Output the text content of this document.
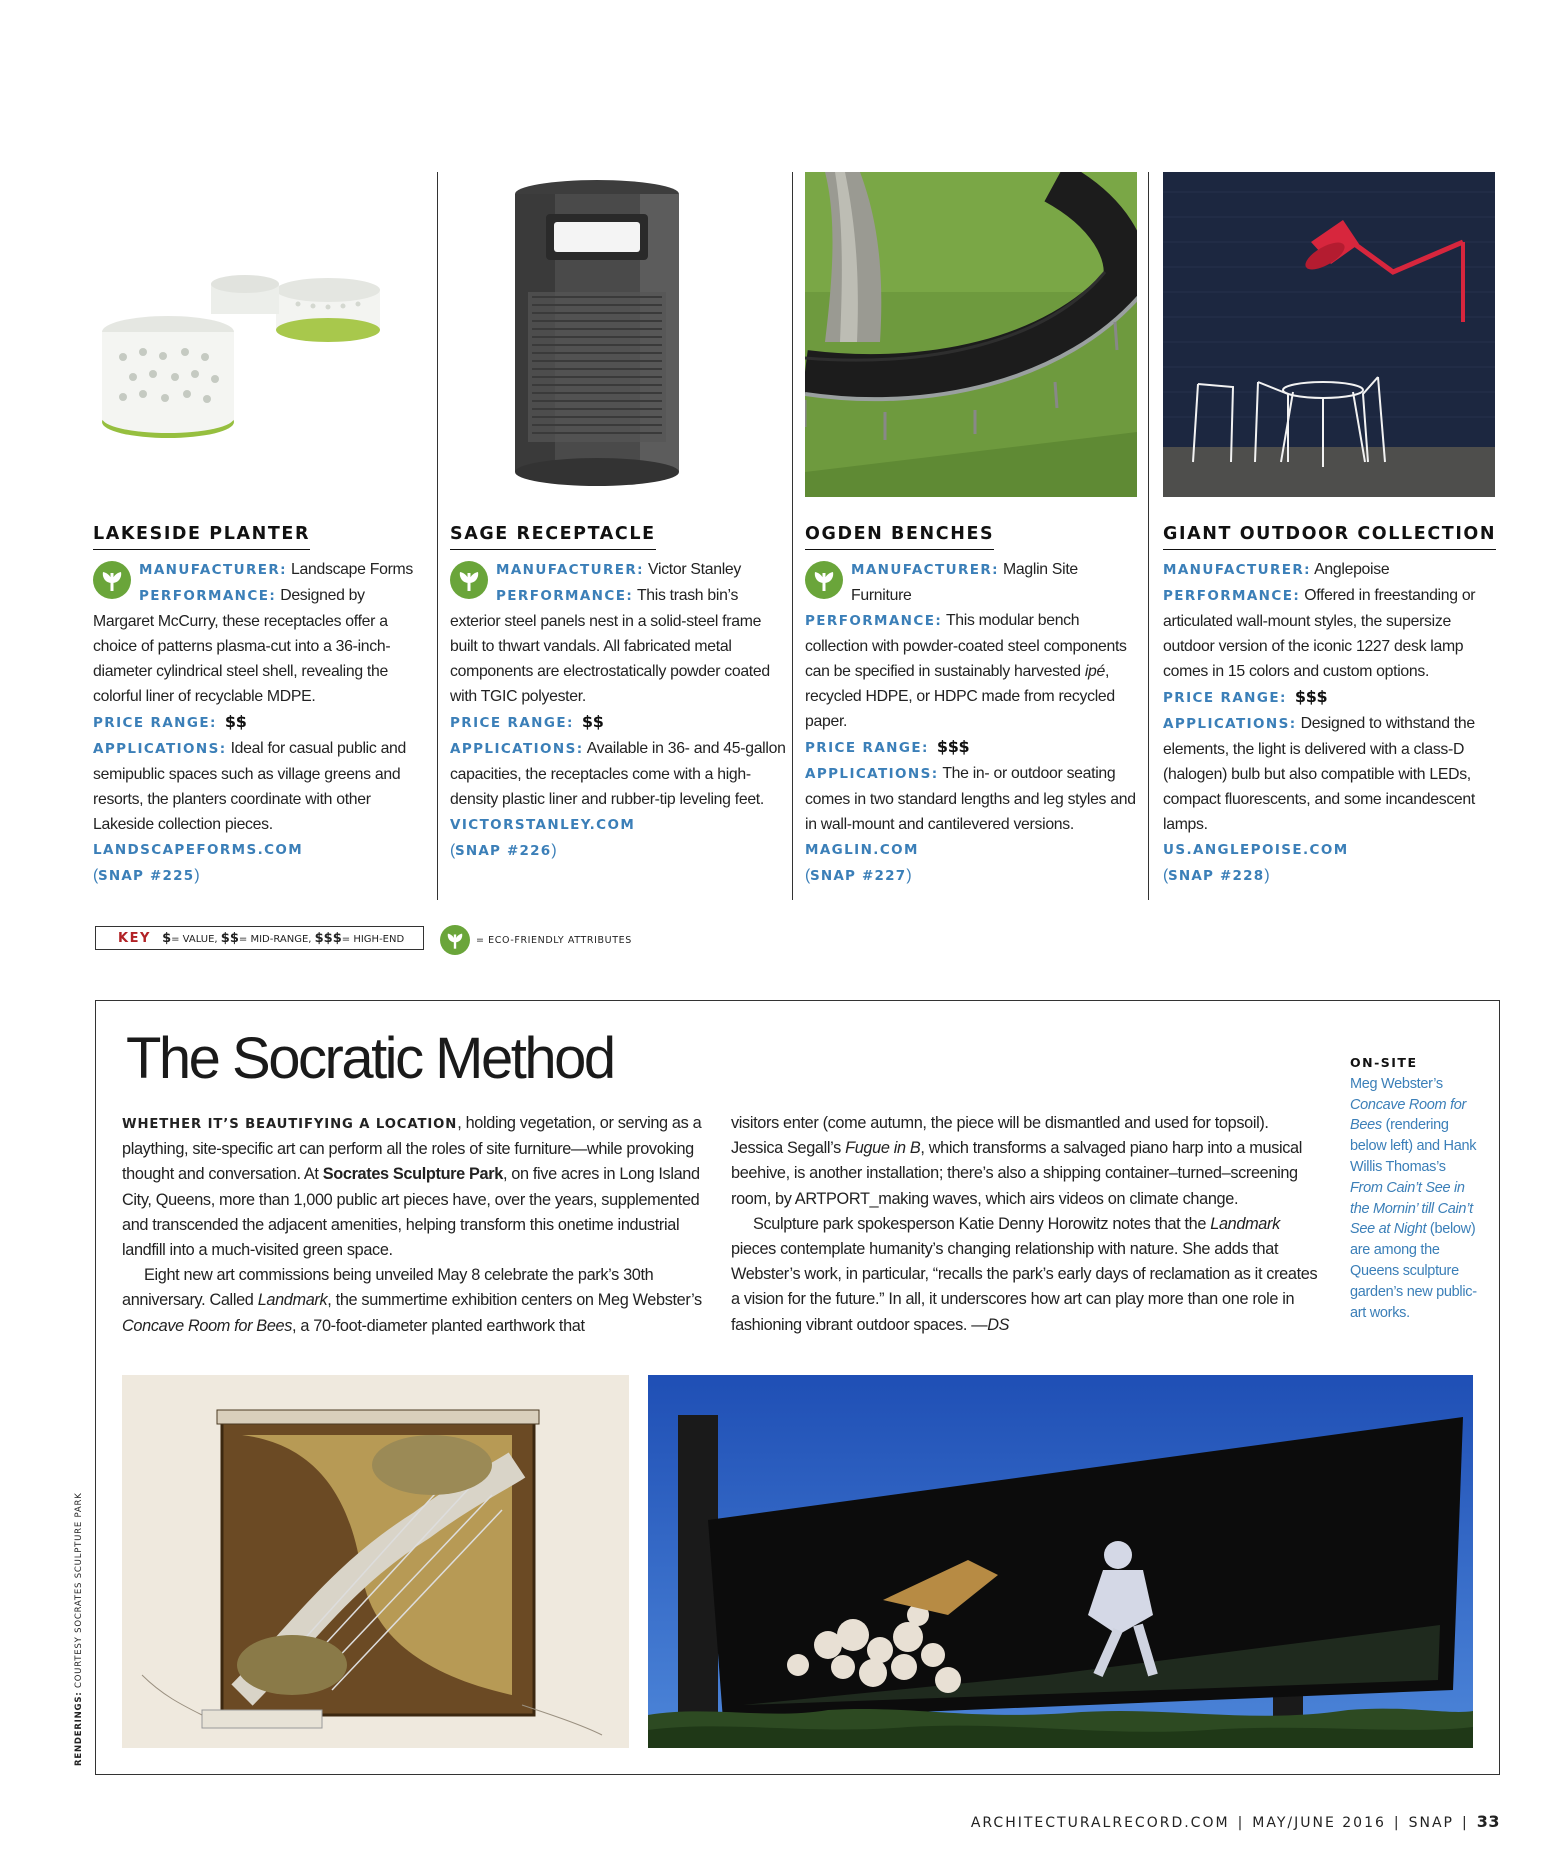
LAKESIDE PLANTER
MANUFACTURER: Landscape Forms
PERFORMANCE: Designed by Margaret McCurry, these receptacles offer a choice of patterns plasma-cut into a 36-inch-diameter cylindrical steel shell, revealing the colorful liner of recyclable MDPE.
PRICE RANGE: $$
APPLICATIONS: Ideal for casual public and semipublic spaces such as village greens and resorts, the planters coordinate with other Lakeside collection pieces.
LANDSCAPEFORMS.COM
(SNAP #225)
SAGE RECEPTACLE
MANUFACTURER: Victor Stanley
PERFORMANCE: This trash bin’s exterior steel panels nest in a solid-steel frame built to thwart vandals. All fabricated metal components are electrostatically powder coated with TGIC polyester.
PRICE RANGE: $$
APPLICATIONS: Available in 36- and 45-gallon capacities, the receptacles come with a high-density plastic liner and rubber-tip leveling feet.
VICTORSTANLEY.COM
(SNAP #226)
OGDEN BENCHES
MANUFACTURER: Maglin Site Furniture
PERFORMANCE: This modular bench collection with powder-coated steel components can be specified in sustainably harvested ipé, recycled HDPE, or HDPC made from recycled paper.
PRICE RANGE: $$$
APPLICATIONS: The in- or outdoor seating comes in two standard lengths and leg styles and in wall-mount and cantilevered versions.
MAGLIN.COM
(SNAP #227)
GIANT OUTDOOR COLLECTION
MANUFACTURER: Anglepoise
PERFORMANCE: Offered in freestanding or articulated wall-mount styles, the supersize outdoor version of the iconic 1227 desk lamp comes in 15 colors and custom options.
PRICE RANGE: $$$
APPLICATIONS: Designed to withstand the elements, the light is delivered with a class-D (halogen) bulb but also compatible with LEDs, compact fluorescents, and some incandescent lamps.
US.ANGLEPOISE.COM
(SNAP #228)
KEY $= VALUE, $$= MID-RANGE, $$$= HIGH-END	= ECO-FRIENDLY ATTRIBUTES
The Socratic Method
WHETHER IT’S BEAUTIFYING A LOCATION, holding vegetation, or serving as a plaything, site-specific art can perform all the roles of site furniture—while provoking thought and conversation. At Socrates Sculpture Park, on five acres in Long Island City, Queens, more than 1,000 public art pieces have, over the years, supplemented and transcended the adjacent amenities, helping transform this onetime industrial landfill into a much-visited green space.
Eight new art commissions being unveiled May 8 celebrate the park’s 30th anniversary. Called Landmark, the summertime exhibition centers on Meg Webster’s Concave Room for Bees, a 70-foot-diameter planted earthwork that
visitors enter (come autumn, the piece will be dismantled and used for topsoil). Jessica Segall’s Fugue in B, which transforms a salvaged piano harp into a musical beehive, is another installation; there’s also a shipping container–turned–screening room, by ARTPORT_making waves, which airs videos on climate change.
Sculpture park spokesperson Katie Denny Horowitz notes that the Landmark pieces contemplate humanity’s changing relationship with nature. She adds that Webster’s work, in particular, “recalls the park’s early days of reclamation as it creates a vision for the future.” In all, it underscores how art can play more than one role in fashioning vibrant outdoor spaces. —DS
ON-SITE
Meg Webster’s Concave Room for Bees (rendering below left) and Hank Willis Thomas’s From Cain’t See in the Mornin’ till Cain’t See at Night (below) are among the Queens sculpture garden’s new public-art works.
RENDERINGS: COURTESY SOCRATES SCULPTURE PARK
ARCHITECTURALRECORD.COM | MAY/JUNE 2016 | SNAP | 33
